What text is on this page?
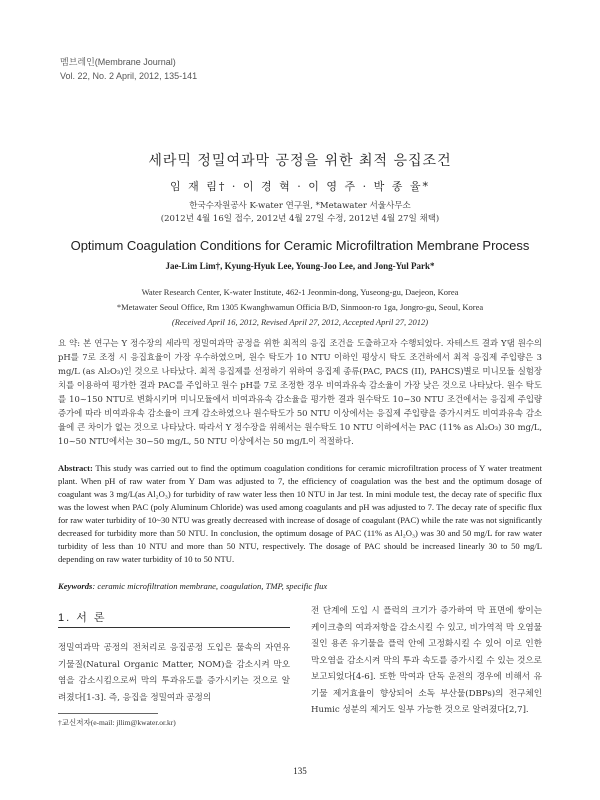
멤브레인(Membrane Journal)
Vol. 22, No. 2 April, 2012, 135-141
세라믹 정밀여과막 공정을 위한 최적 응집조건
임 재 림† · 이 경 혁 · 이 영 주 · 박 종 율*
한국수자원공사 K-water 연구원, *Metawater 서울사무소
(2012년 4월 16일 접수, 2012년 4월 27일 수정, 2012년 4월 27일 채택)
Optimum Coagulation Conditions for Ceramic Microfiltration Membrane Process
Jae-Lim Lim†, Kyung-Hyuk Lee, Young-Joo Lee, and Jong-Yul Park*
Water Research Center, K-water Institute, 462-1 Jeonmin-dong, Yuseong-gu, Daejeon, Korea
*Metawater Seoul Office, Rm 1305 Kwanghwamun Officia B/D, Sinmoon-ro 1ga, Jongro-gu, Seoul, Korea
(Received April 16, 2012, Revised April 27, 2012, Accepted April 27, 2012)
요 약: 본 연구는 Y 정수장의 세라믹 정밀여과막 공정을 위한 최적의 응집 조건을 도출하고자 수행되었다. 자테스트 결과 Y댐 원수의 pH를 7로 조정 시 응집효율이 가장 우수하였으며, 원수 탁도가 10 NTU 이하인 평상시 탁도 조건하에서 최적 응집제 주입량은 3 mg/L (as Al₂O₃)인 것으로 나타났다. 최적 응집제를 선정하기 위하여 응집제 종류(PAC, PACS (II), PAHCS)별로 미니모듈 실험장치를 이용하여 평가한 결과 PAC를 주입하고 원수 pH를 7로 조정한 경우 비여과유속 감소율이 가장 낮은 것으로 나타났다. 원수 탁도를 10~150 NTU로 변화시키며 미니모듈에서 비여과유속 감소율을 평가한 결과 원수탁도 10~30 NTU 조건에서는 응집제 주입량 증가에 따라 비여과유속 감소율이 크게 감소하였으나 원수탁도가 50 NTU 이상에서는 응집제 주입량을 증가시켜도 비여과유속 감소율에 큰 차이가 없는 것으로 나타났다. 따라서 Y 정수장을 위해서는 원수탁도 10 NTU 이하에서는 PAC (11% as Al₂O₃) 30 mg/L, 10~50 NTU에서는 30~50 mg/L, 50 NTU 이상에서는 50 mg/L이 적절하다.
Abstract: This study was carried out to find the optimum coagulation conditions for ceramic microfiltration process of Y water treatment plant. When pH of raw water from Y Dam was adjusted to 7, the efficiency of coagulation was the best and the optimum dosage of coagulant was 3 mg/L(as Al₂O₃) for turbidity of raw water less then 10 NTU in Jar test. In mini module test, the decay rate of specific flux was the lowest when PAC (poly Aluminum Chloride) was used among coagulants and pH was adjusted to 7. The decay rate of specific flux for raw water turbidity of 10~30 NTU was greatly decreased with increase of dosage of coagulant (PAC) while the rate was not significantly decreased for turbidity more than 50 NTU. In conclusion, the optimum dosage of PAC (11% as Al₂O₃) was 30 and 50 mg/L for raw water turbidity of less than 10 NTU and more than 50 NTU, respectively. The dosage of PAC should be increased linearly 30 to 50 mg/L depending on raw water turbidity of 10 to 50 NTU.
Keywords: ceramic microfiltration membrane, coagulation, TMP, specific flux
1. 서 론
정밀여과막 공정의 전처리로 응집공정 도입은 물속의 자연유기물질(Natural Organic Matter, NOM)을 감소시켜 막오염을 감소시킴으로써 막의 투과유도를 증가시키는 것으로 알려졌다[1-3]. 즉, 응집을 정밀여과 공정의
전 단계에 도입 시 플럭의 크기가 증가하여 막 표면에 쌓이는 케이크층의 여과저항을 감소시킬 수 있고, 비가역적 막 오염물질인 용존 유기물을 플럭 안에 고정화시킬 수 있어 이로 인한 막오염을 감소시켜 막의 투과 속도를 증가시킬 수 있는 것으로 보고되었다[4-6]. 또한 막여과 단독 운전의 경우에 비해서 유기물 제거효율이 향상되어 소독 부산물(DBPs)의 전구체인 Humic 성분의 제거도 일부 가능한 것으로 알려졌다[2,7].
†교신저자(e-mail: jllim@kwater.or.kr)
135
